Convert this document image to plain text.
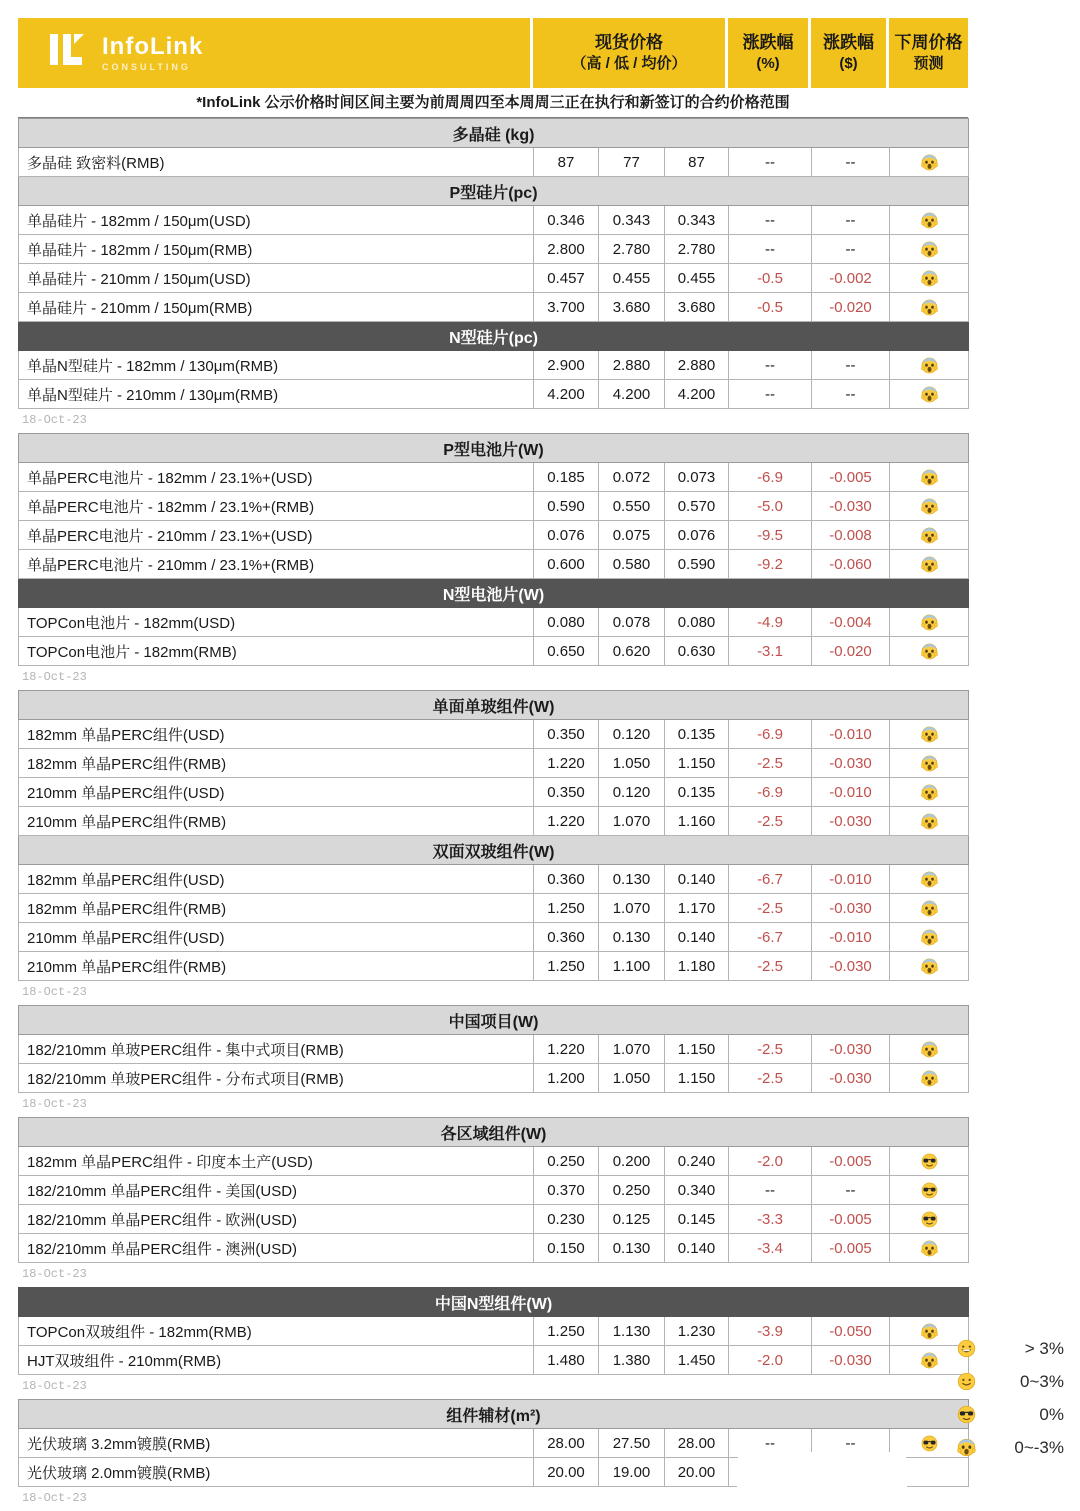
InfoLink
CONSULTING
现货价格
（高 / 低 / 均价）
涨跌幅
(%)
涨跌幅
($)
下周价格
预测
*InfoLink 公示价格时间区间主要为前周周四至本周周三正在执行和新签订的合约价格范围
多晶硅 (kg)						
多晶硅 致密料(RMB)	87	77	87	--	--	
P型硅片(pc)						
单晶硅片 - 182mm / 150μm(USD)	0.346	0.343	0.343	--	--	
单晶硅片 - 182mm / 150μm(RMB)	2.800	2.780	2.780	--	--	
单晶硅片 - 210mm / 150μm(USD)	0.457	0.455	0.455	-0.5	-0.002	
单晶硅片 - 210mm / 150μm(RMB)	3.700	3.680	3.680	-0.5	-0.020	
N型硅片(pc)						
单晶N型硅片 - 182mm / 130μm(RMB)	2.900	2.880	2.880	--	--	
单晶N型硅片 - 210mm / 130μm(RMB)	4.200	4.200	4.200	--	--	
18-Oct-23
P型电池片(W)						
单晶PERC电池片 - 182mm / 23.1%+(USD)	0.185	0.072	0.073	-6.9	-0.005	
单晶PERC电池片 - 182mm / 23.1%+(RMB)	0.590	0.550	0.570	-5.0	-0.030	
单晶PERC电池片 - 210mm / 23.1%+(USD)	0.076	0.075	0.076	-9.5	-0.008	
单晶PERC电池片 - 210mm / 23.1%+(RMB)	0.600	0.580	0.590	-9.2	-0.060	
N型电池片(W)						
TOPCon电池片 - 182mm(USD)	0.080	0.078	0.080	-4.9	-0.004	
TOPCon电池片 - 182mm(RMB)	0.650	0.620	0.630	-3.1	-0.020	
18-Oct-23
单面单玻组件(W)						
182mm 单晶PERC组件(USD)	0.350	0.120	0.135	-6.9	-0.010	
182mm 单晶PERC组件(RMB)	1.220	1.050	1.150	-2.5	-0.030	
210mm 单晶PERC组件(USD)	0.350	0.120	0.135	-6.9	-0.010	
210mm 单晶PERC组件(RMB)	1.220	1.070	1.160	-2.5	-0.030	
双面双玻组件(W)						
182mm 单晶PERC组件(USD)	0.360	0.130	0.140	-6.7	-0.010	
182mm 单晶PERC组件(RMB)	1.250	1.070	1.170	-2.5	-0.030	
210mm 单晶PERC组件(USD)	0.360	0.130	0.140	-6.7	-0.010	
210mm 单晶PERC组件(RMB)	1.250	1.100	1.180	-2.5	-0.030	
18-Oct-23
中国项目(W)						
182/210mm 单玻PERC组件 - 集中式项目(RMB)	1.220	1.070	1.150	-2.5	-0.030	
182/210mm 单玻PERC组件 - 分布式项目(RMB)	1.200	1.050	1.150	-2.5	-0.030	
18-Oct-23
各区域组件(W)						
182mm 单晶PERC组件 - 印度本土产(USD)	0.250	0.200	0.240	-2.0	-0.005	
182/210mm 单晶PERC组件 - 美国(USD)	0.370	0.250	0.340	--	--	
182/210mm 单晶PERC组件 - 欧洲(USD)	0.230	0.125	0.145	-3.3	-0.005	
182/210mm 单晶PERC组件 - 澳洲(USD)	0.150	0.130	0.140	-3.4	-0.005	
18-Oct-23
中国N型组件(W)						
TOPCon双玻组件 - 182mm(RMB)	1.250	1.130	1.230	-3.9	-0.050	
HJT双玻组件 - 210mm(RMB)	1.480	1.380	1.450	-2.0	-0.030	
18-Oct-23
组件辅材(m²)						
光伏玻璃 3.2mm镀膜(RMB)	28.00	27.50	28.00	--	--	
光伏玻璃 2.0mm镀膜(RMB)	20.00	19.00	20.00			
18-Oct-23
> 3%
0~3%
0%
0~-3%
